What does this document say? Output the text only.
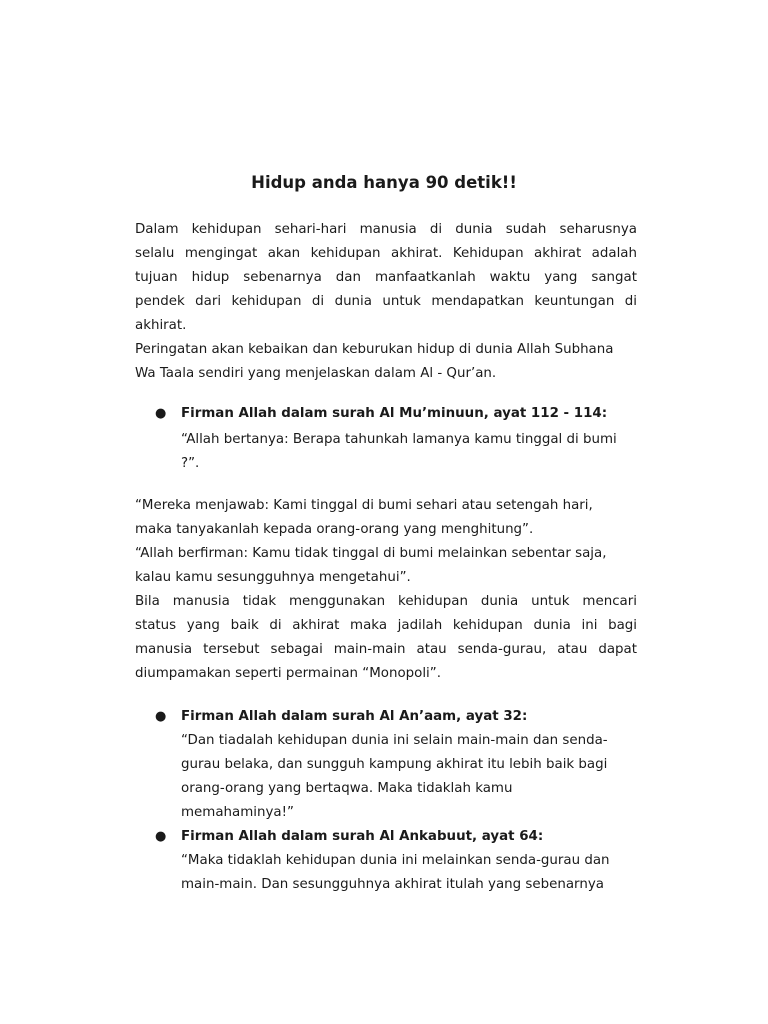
Hidup anda hanya 90 detik!!
Dalam kehidupan sehari-hari manusia di dunia sudah seharusnya
selalu mengingat akan kehidupan akhirat. Kehidupan akhirat adalah
tujuan hidup sebenarnya dan manfaatkanlah waktu yang sangat
pendek dari kehidupan di dunia untuk mendapatkan keuntungan di
akhirat.
Peringatan akan kebaikan dan keburukan hidup di dunia Allah Subhana
Wa Taala sendiri yang menjelaskan dalam Al - Qur’an.
● Firman Allah dalam surah Al Mu’minuun, ayat 112 - 114:
“Allah bertanya: Berapa tahunkah lamanya kamu tinggal di bumi
?”.
“Mereka menjawab: Kami tinggal di bumi sehari atau setengah hari,
maka tanyakanlah kepada orang-orang yang menghitung”.
“Allah berfirman: Kamu tidak tinggal di bumi melainkan sebentar saja,
kalau kamu sesungguhnya mengetahui”.
Bila manusia tidak menggunakan kehidupan dunia untuk mencari
status yang baik di akhirat maka jadilah kehidupan dunia ini bagi
manusia tersebut sebagai main-main atau senda-gurau, atau dapat
diumpamakan seperti permainan “Monopoli”.
● Firman Allah dalam surah Al An’aam, ayat 32:
“Dan tiadalah kehidupan dunia ini selain main-main dan senda-
gurau belaka, dan sungguh kampung akhirat itu lebih baik bagi
orang-orang yang bertaqwa. Maka tidaklah kamu
memahaminya!”
● Firman Allah dalam surah Al Ankabuut, ayat 64:
“Maka tidaklah kehidupan dunia ini melainkan senda-gurau dan
main-main. Dan sesungguhnya akhirat itulah yang sebenarnya
